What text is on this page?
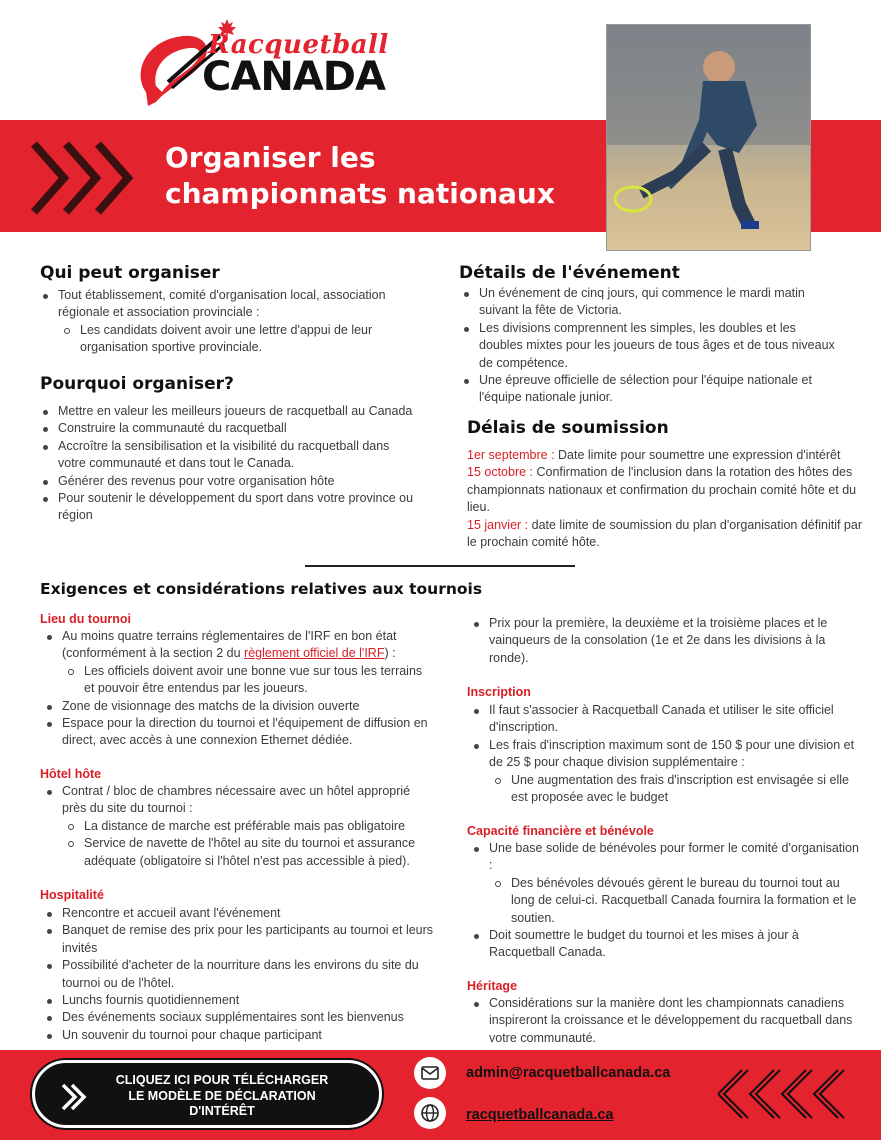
Racquetball
CANADA
Organiser les
championnats nationaux
Qui peut organiser
Tout établissement, comité d'organisation local, association régionale et association provinciale :
Les candidats doivent avoir une lettre d'appui de leur organisation sportive provinciale.
Pourquoi organiser?
Mettre en valeur les meilleurs joueurs de racquetball au Canada
Construire la communauté du racquetball
Accroître la sensibilisation et la visibilité du racquetball dans votre communauté et dans tout le Canada.
Générer des revenus pour votre organisation hôte
Pour soutenir le développement du sport dans votre province ou région
Détails de l'événement
Un événement de cinq jours, qui commence le mardi matin suivant la fête de Victoria.
Les divisions comprennent les simples, les doubles et les doubles mixtes pour les joueurs de tous âges et de tous niveaux de compétence.
Une épreuve officielle de sélection pour l'équipe nationale et l'équipe nationale junior.
Délais de soumission
1er septembre : Date limite pour soumettre une expression d'intérêt
15 octobre : Confirmation de l'inclusion dans la rotation des hôtes des championnats nationaux et confirmation du prochain comité hôte et du lieu.
15 janvier : date limite de soumission du plan d'organisation définitif par le prochain comité hôte.
Exigences et considérations relatives aux tournois
Lieu du tournoi
Au moins quatre terrains réglementaires de l'IRF en bon état (conformément à la section 2 du règlement officiel de l'IRF) :
Les officiels doivent avoir une bonne vue sur tous les terrains et pouvoir être entendus par les joueurs.
Zone de visionnage des matchs de la division ouverte
Espace pour la direction du tournoi et l'équipement de diffusion en direct, avec accès à une connexion Ethernet dédiée.
Hôtel hôte
Contrat / bloc de chambres nécessaire avec un hôtel approprié près du site du tournoi :
La distance de marche est préférable mais pas obligatoire
Service de navette de l'hôtel au site du tournoi et assurance adéquate (obligatoire si l'hôtel n'est pas accessible à pied).
Hospitalité
Rencontre et accueil avant l'événement
Banquet de remise des prix pour les participants au tournoi et leurs invités
Possibilité d'acheter de la nourriture dans les environs du site du tournoi ou de l'hôtel.
Lunchs fournis quotidiennement
Des événements sociaux supplémentaires sont les bienvenus
Un souvenir du tournoi pour chaque participant
Prix pour la première, la deuxième et la troisième places et le vainqueurs de la consolation (1e et 2e dans les divisions à la ronde).
Inscription
Il faut s'associer à Racquetball Canada et utiliser le site officiel d'inscription.
Les frais d'inscription maximum sont de 150 $ pour une division et de 25 $ pour chaque division supplémentaire :
Une augmentation des frais d'inscription est envisagée si elle est proposée avec le budget
Capacité financière et bénévole
Une base solide de bénévoles pour former le comité d'organisation :
Des bénévoles dévoués gèrent le bureau du tournoi tout au long de celui-ci. Racquetball Canada fournira la formation et le soutien.
Doit soumettre le budget du tournoi et les mises à jour à Racquetball Canada.
Héritage
Considérations sur la manière dont les championnats canadiens inspireront la croissance et le développement du racquetball dans votre communauté.
CLIQUEZ ICI POUR TÉLÉCHARGER
LE MODÈLE DE DÉCLARATION
D'INTÉRÊT
admin@racquetballcanada.ca
racquetballcanada.ca
